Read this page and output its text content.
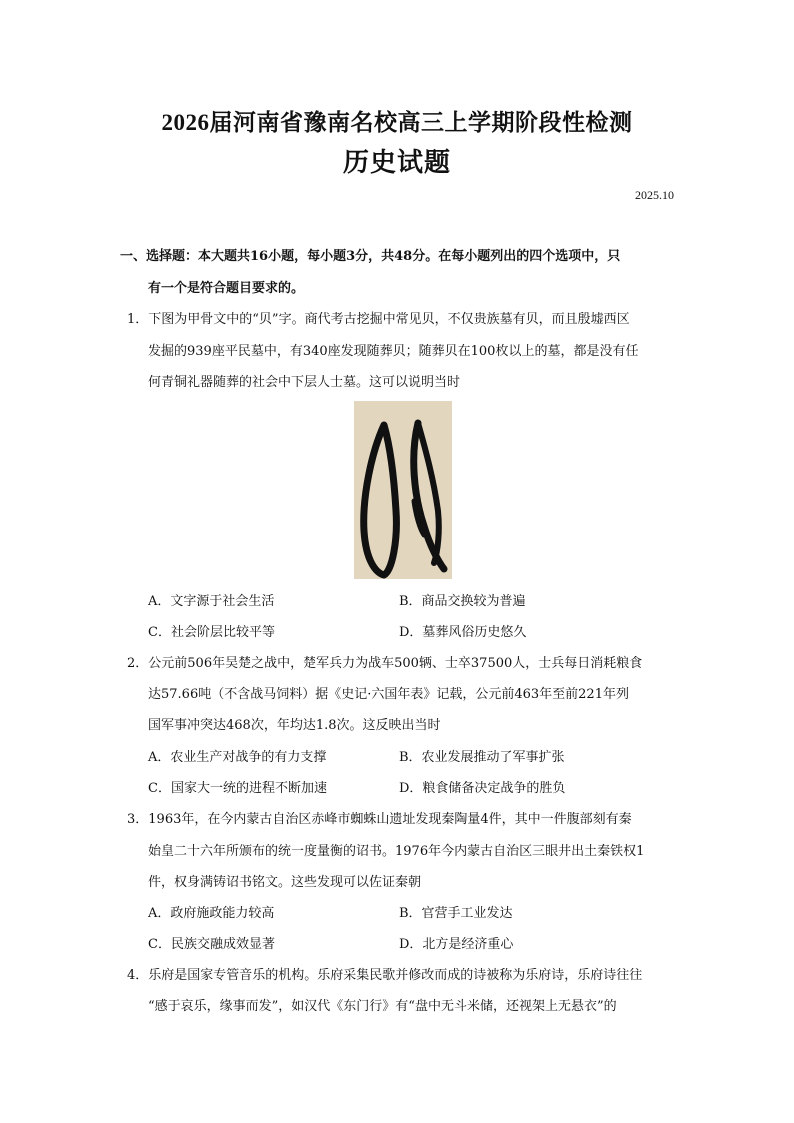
2026届河南省豫南名校高三上学期阶段性检测
历史试题
2025.10
一、选择题：本大题共16小题，每小题3分，共48分。在每小题列出的四个选项中，只
有一个是符合题目要求的。
1．下图为甲骨文中的“贝”字。商代考古挖掘中常见贝，不仅贵族墓有贝，而且殷墟西区
发掘的939座平民墓中，有340座发现随葬贝；随葬贝在100枚以上的墓，都是没有任
何青铜礼器随葬的社会中下层人士墓。这可以说明当时
A．文字源于社会生活	B．商品交换较为普遍
C．社会阶层比较平等	D．墓葬风俗历史悠久
2．公元前506年吴楚之战中，楚军兵力为战车500辆、士卒37500人，士兵每日消耗粮食
达57.66吨（不含战马饲料）据《史记·六国年表》记载，公元前463年至前221年列
国军事冲突达468次，年均达1.8次。这反映出当时
A．农业生产对战争的有力支撑	B．农业发展推动了军事扩张
C．国家大一统的进程不断加速	D．粮食储备决定战争的胜负
3．1963年，在今内蒙古自治区赤峰市蜘蛛山遗址发现秦陶量4件，其中一件腹部刻有秦
始皇二十六年所颁布的统一度量衡的诏书。1976年今内蒙古自治区三眼井出土秦铁权1
件，权身满铸诏书铭文。这些发现可以佐证秦朝
A．政府施政能力较高	B．官营手工业发达
C．民族交融成效显著	D．北方是经济重心
4．乐府是国家专管音乐的机构。乐府采集民歌并修改而成的诗被称为乐府诗，乐府诗往往
“感于哀乐，缘事而发”，如汉代《东门行》有“盘中无斗米储，还视架上无悬衣”的
